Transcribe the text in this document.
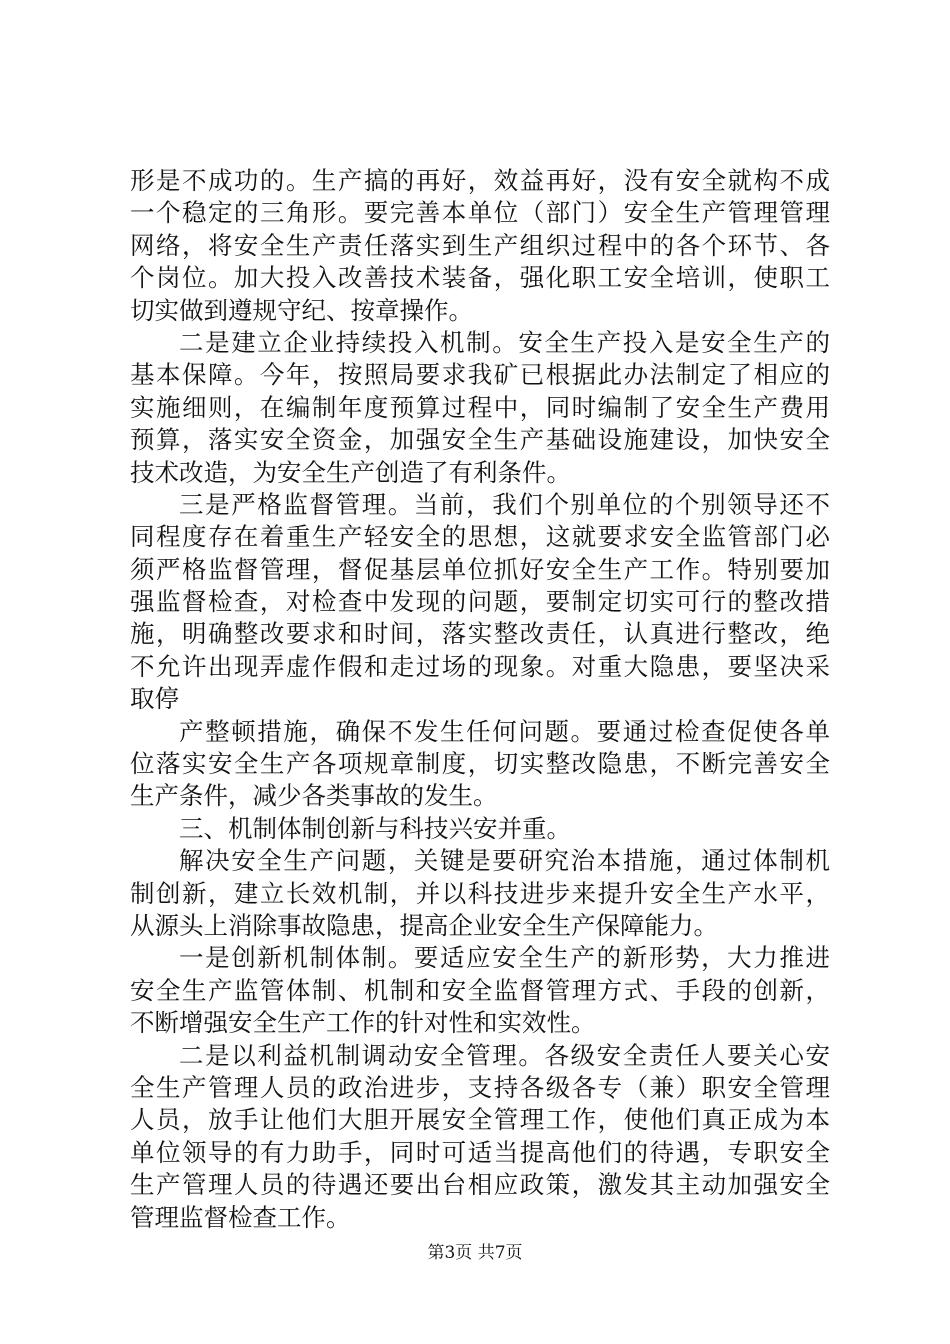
形是不成功的。生产搞的再好，效益再好，没有安全就构不成
一个稳定的三角形。要完善本单位（部门）安全生产管理管理
网络，将安全生产责任落实到生产组织过程中的各个环节、各
个岗位。加大投入改善技术装备，强化职工安全培训，使职工
切实做到遵规守纪、按章操作。
二是建立企业持续投入机制。安全生产投入是安全生产的
基本保障。今年，按照局要求我矿已根据此办法制定了相应的
实施细则，在编制年度预算过程中，同时编制了安全生产费用
预算，落实安全资金，加强安全生产基础设施建设，加快安全
技术改造，为安全生产创造了有利条件。
三是严格监督管理。当前，我们个别单位的个别领导还不
同程度存在着重生产轻安全的思想，这就要求安全监管部门必
须严格监督管理，督促基层单位抓好安全生产工作。特别要加
强监督检查，对检查中发现的问题，要制定切实可行的整改措
施，明确整改要求和时间，落实整改责任，认真进行整改，绝
不允许出现弄虚作假和走过场的现象。对重大隐患，要坚决采
取停
产整顿措施，确保不发生任何问题。要通过检查促使各单
位落实安全生产各项规章制度，切实整改隐患，不断完善安全
生产条件，减少各类事故的发生。
三、机制体制创新与科技兴安并重。
解决安全生产问题，关键是要研究治本措施，通过体制机
制创新，建立长效机制，并以科技进步来提升安全生产水平，
从源头上消除事故隐患，提高企业安全生产保障能力。
一是创新机制体制。要适应安全生产的新形势，大力推进
安全生产监管体制、机制和安全监督管理方式、手段的创新，
不断增强安全生产工作的针对性和实效性。
二是以利益机制调动安全管理。各级安全责任人要关心安
全生产管理人员的政治进步，支持各级各专（兼）职安全管理
人员，放手让他们大胆开展安全管理工作，使他们真正成为本
单位领导的有力助手，同时可适当提高他们的待遇，专职安全
生产管理人员的待遇还要出台相应政策，激发其主动加强安全
管理监督检查工作。
第3页 共7页
